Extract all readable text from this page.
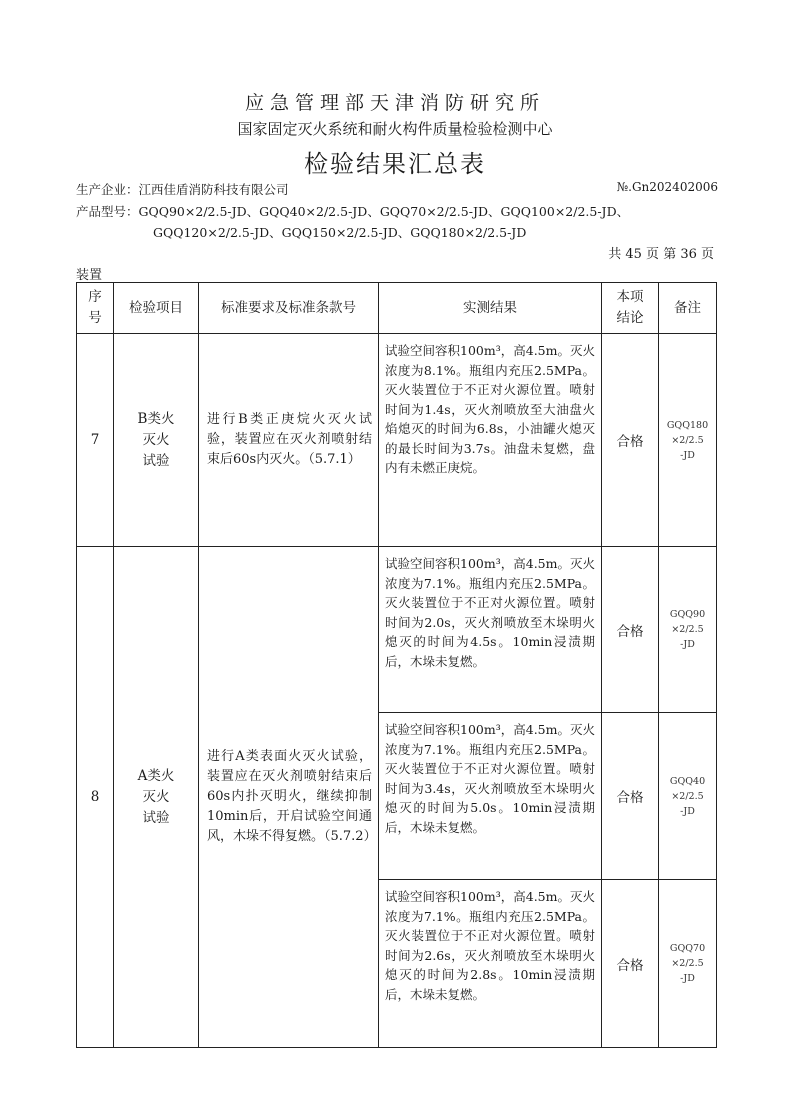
应急管理部天津消防研究所
国家固定灭火系统和耐火构件质量检验检测中心
检验结果汇总表
生产企业：江西佳盾消防科技有限公司	№.Gn202402006
产品型号：GQQ90×2/2.5-JD、GQQ40×2/2.5-JD、GQQ70×2/2.5-JD、GQQ100×2/2.5-JD、
GQQ120×2/2.5-JD、GQQ150×2/2.5-JD、GQQ180×2/2.5-JD
共 45 页 第 36 页
装置
序
号	检验项目	标准要求及标准条款号	实测结果	本项
结论	备注
7	B类火
灭火
试验	进行B类正庚烷火灭火试验，装置应在灭火剂喷射结束后60s内灭火。（5.7.1）	试验空间容积100m³，高4.5m。灭火浓度为8.1%。瓶组内充压2.5MPa。灭火装置位于不正对火源位置。喷射时间为1.4s，灭火剂喷放至大油盘火焰熄灭的时间为6.8s，小油罐火熄灭的最长时间为3.7s。油盘未复燃，盘内有未燃正庚烷。	合格	GQQ180
×2/2.5
-JD
8	A类火
灭火
试验	进行A类表面火灭火试验，装置应在灭火剂喷射结束后60s内扑灭明火，继续抑制10min后，开启试验空间通风，木垛不得复燃。（5.7.2）	试验空间容积100m³，高4.5m。灭火浓度为7.1%。瓶组内充压2.5MPa。灭火装置位于不正对火源位置。喷射时间为2.0s，灭火剂喷放至木垛明火熄灭的时间为4.5s。10min浸渍期后，木垛未复燃。	合格	GQQ90
×2/2.5
-JD
			试验空间容积100m³，高4.5m。灭火浓度为7.1%。瓶组内充压2.5MPa。灭火装置位于不正对火源位置。喷射时间为3.4s，灭火剂喷放至木垛明火熄灭的时间为5.0s。10min浸渍期后，木垛未复燃。	合格	GQQ40
×2/2.5
-JD
			试验空间容积100m³，高4.5m。灭火浓度为7.1%。瓶组内充压2.5MPa。灭火装置位于不正对火源位置。喷射时间为2.6s，灭火剂喷放至木垛明火熄灭的时间为2.8s。10min浸渍期后，木垛未复燃。	合格	GQQ70
×2/2.5
-JD
